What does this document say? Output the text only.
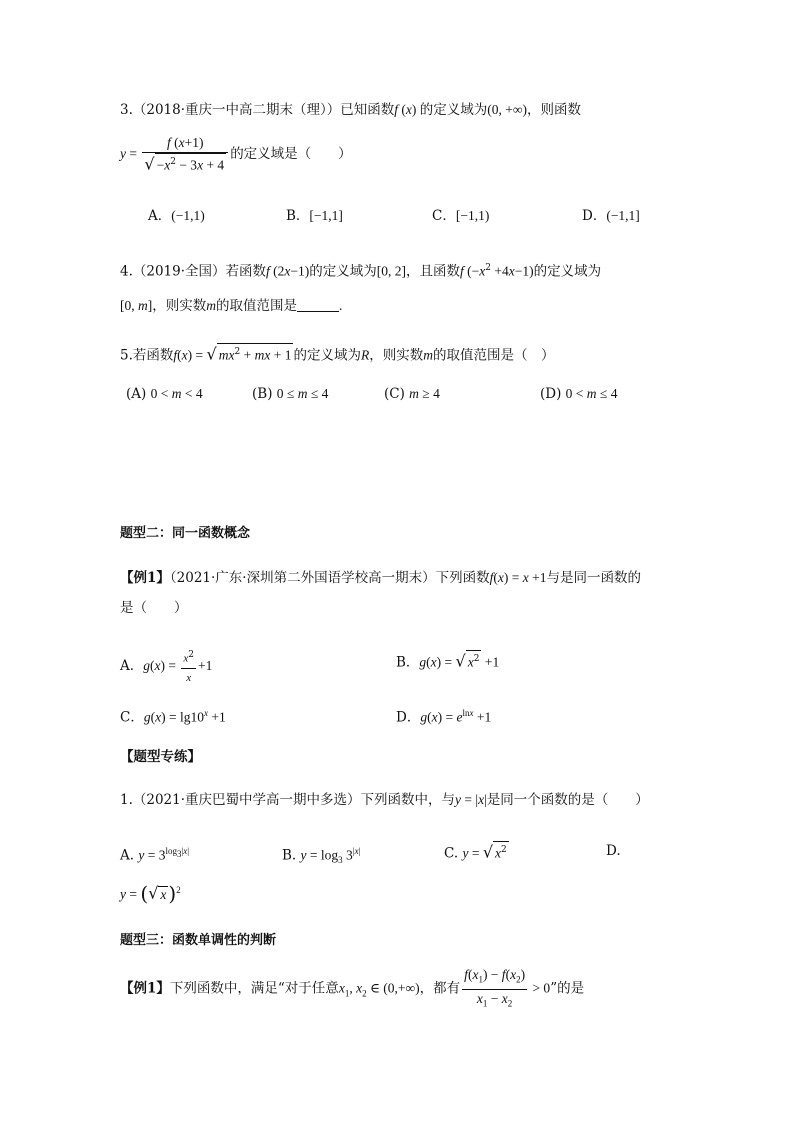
3.（2018·重庆一中高二期末（理））已知函数f (x) 的定义域为(0, +∞)，则函数
$y = \frac{f (x+1)}{√ -x^2 - 3x + 4}$ 的定义域是（　　）
A．(−1,1)	B．[−1,1]	C．[−1,1)	D．(−1,1]
4.（2019·全国）若函数f (2x−1)的定义域为[0, 2]，且函数f $(-x^2 +4x-1)$的定义域为
[0, m]，则实数m的取值范围是	.
5.若函数f(x) = √ $mx^2$ + mx + 1 的定义域为R，则实数m的取值范围是（　）
(A) 0 < m < 4	(B) 0 ≤ m ≤ 4	(C) m ≥ 4	(D) 0 < m ≤ 4
题型二：同一函数概念
【例1】（2021·广东·深圳第二外国语学校高一期末）下列函数f(x) = x +1与是同一函数的
是（　　）
A．$g(x) = \frac{x^2}{x} +1$	B．g(x) = √ $x^2 +1$
C．$g(x) = \lg 10^x +1$	D．$g(x) = e^{lnx} +1$
【题型专练】
1.（2021·重庆巴蜀中学高一期中多选）下列函数中，与y = |x|是同一个函数的是（　　）
A. $y = 3^{log_3|x|}$	B. $y = \log_3 3^{|x|}$	C. y = √ $x^2$	D.
y = (√ x )$^2$
题型三：函数单调性的判断
【例1】下列函数中，满足“对于任意$x_1$, $x_2$ ∈ (0,+∞)，都有 $\frac{f(x_1) - f(x_2)}{x_1 - x_2} > 0$”的是
